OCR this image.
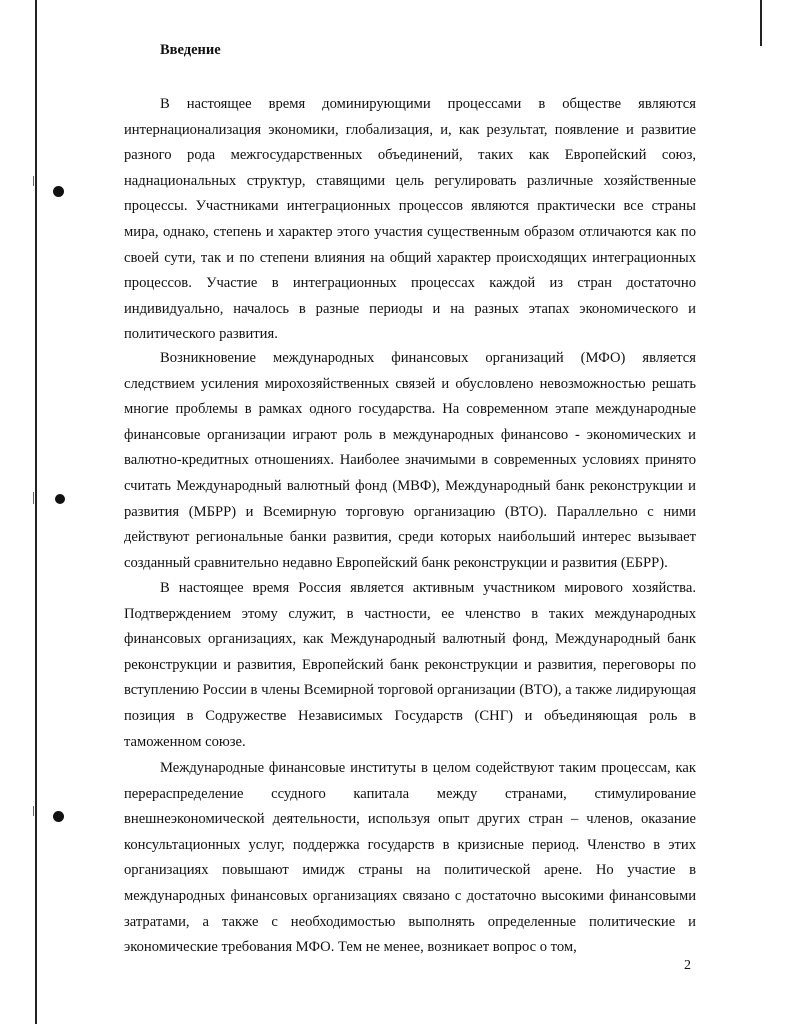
Введение

В настоящее время доминирующими процессами в обществе являются интернационализация экономики, глобализация, и, как результат, появление и развитие разного рода межгосударственных объединений, таких как Европейский союз, наднациональных структур, ставящими цель регулировать различные хозяйственные процессы. Участниками интеграционных процессов являются практически все страны мира, однако, степень и характер этого участия существенным образом отличаются как по своей сути, так и по степени влияния на общий характер происходящих интеграционных процессов. Участие в интеграционных процессах каждой из стран достаточно индивидуально, началось в разные периоды и на разных этапах экономического и политического развития.

Возникновение международных финансовых организаций (МФО) является следствием усиления мирохозяйственных связей и обусловлено невозможностью решать многие проблемы в рамках одного государства. На современном этапе международные финансовые организации играют роль в международных финансово - экономических и валютно-кредитных отношениях. Наиболее значимыми в современных условиях принято считать Международный валютный фонд (МВФ), Международный банк реконструкции и развития (МБРР) и Всемирную торговую организацию (ВТО). Параллельно с ними действуют региональные банки развития, среди которых наибольший интерес вызывает созданный сравнительно недавно Европейский банк реконструкции и развития (ЕБРР).

В настоящее время Россия является активным участником мирового хозяйства. Подтверждением этому служит, в частности, ее членство в таких международных финансовых организациях, как Международный валютный фонд, Международный банк реконструкции и развития, Европейский банк реконструкции и развития, переговоры по вступлению России в члены Всемирной торговой организации (ВТО), а также лидирующая позиция в Содружестве Независимых Государств (СНГ) и объединяющая роль в таможенном союзе.

Международные финансовые институты в целом содействуют таким процессам, как перераспределение ссудного капитала между странами, стимулирование внешнеэкономической деятельности, используя опыт других стран – членов, оказание консультационных услуг, поддержка государств в кризисные период. Членство в этих организациях повышают имидж страны на политической арене. Но участие в международных финансовых организациях связано с достаточно высокими финансовыми затратами, а также с необходимостью выполнять определенные политические и экономические требования МФО. Тем не менее, возникает вопрос о том,

2
